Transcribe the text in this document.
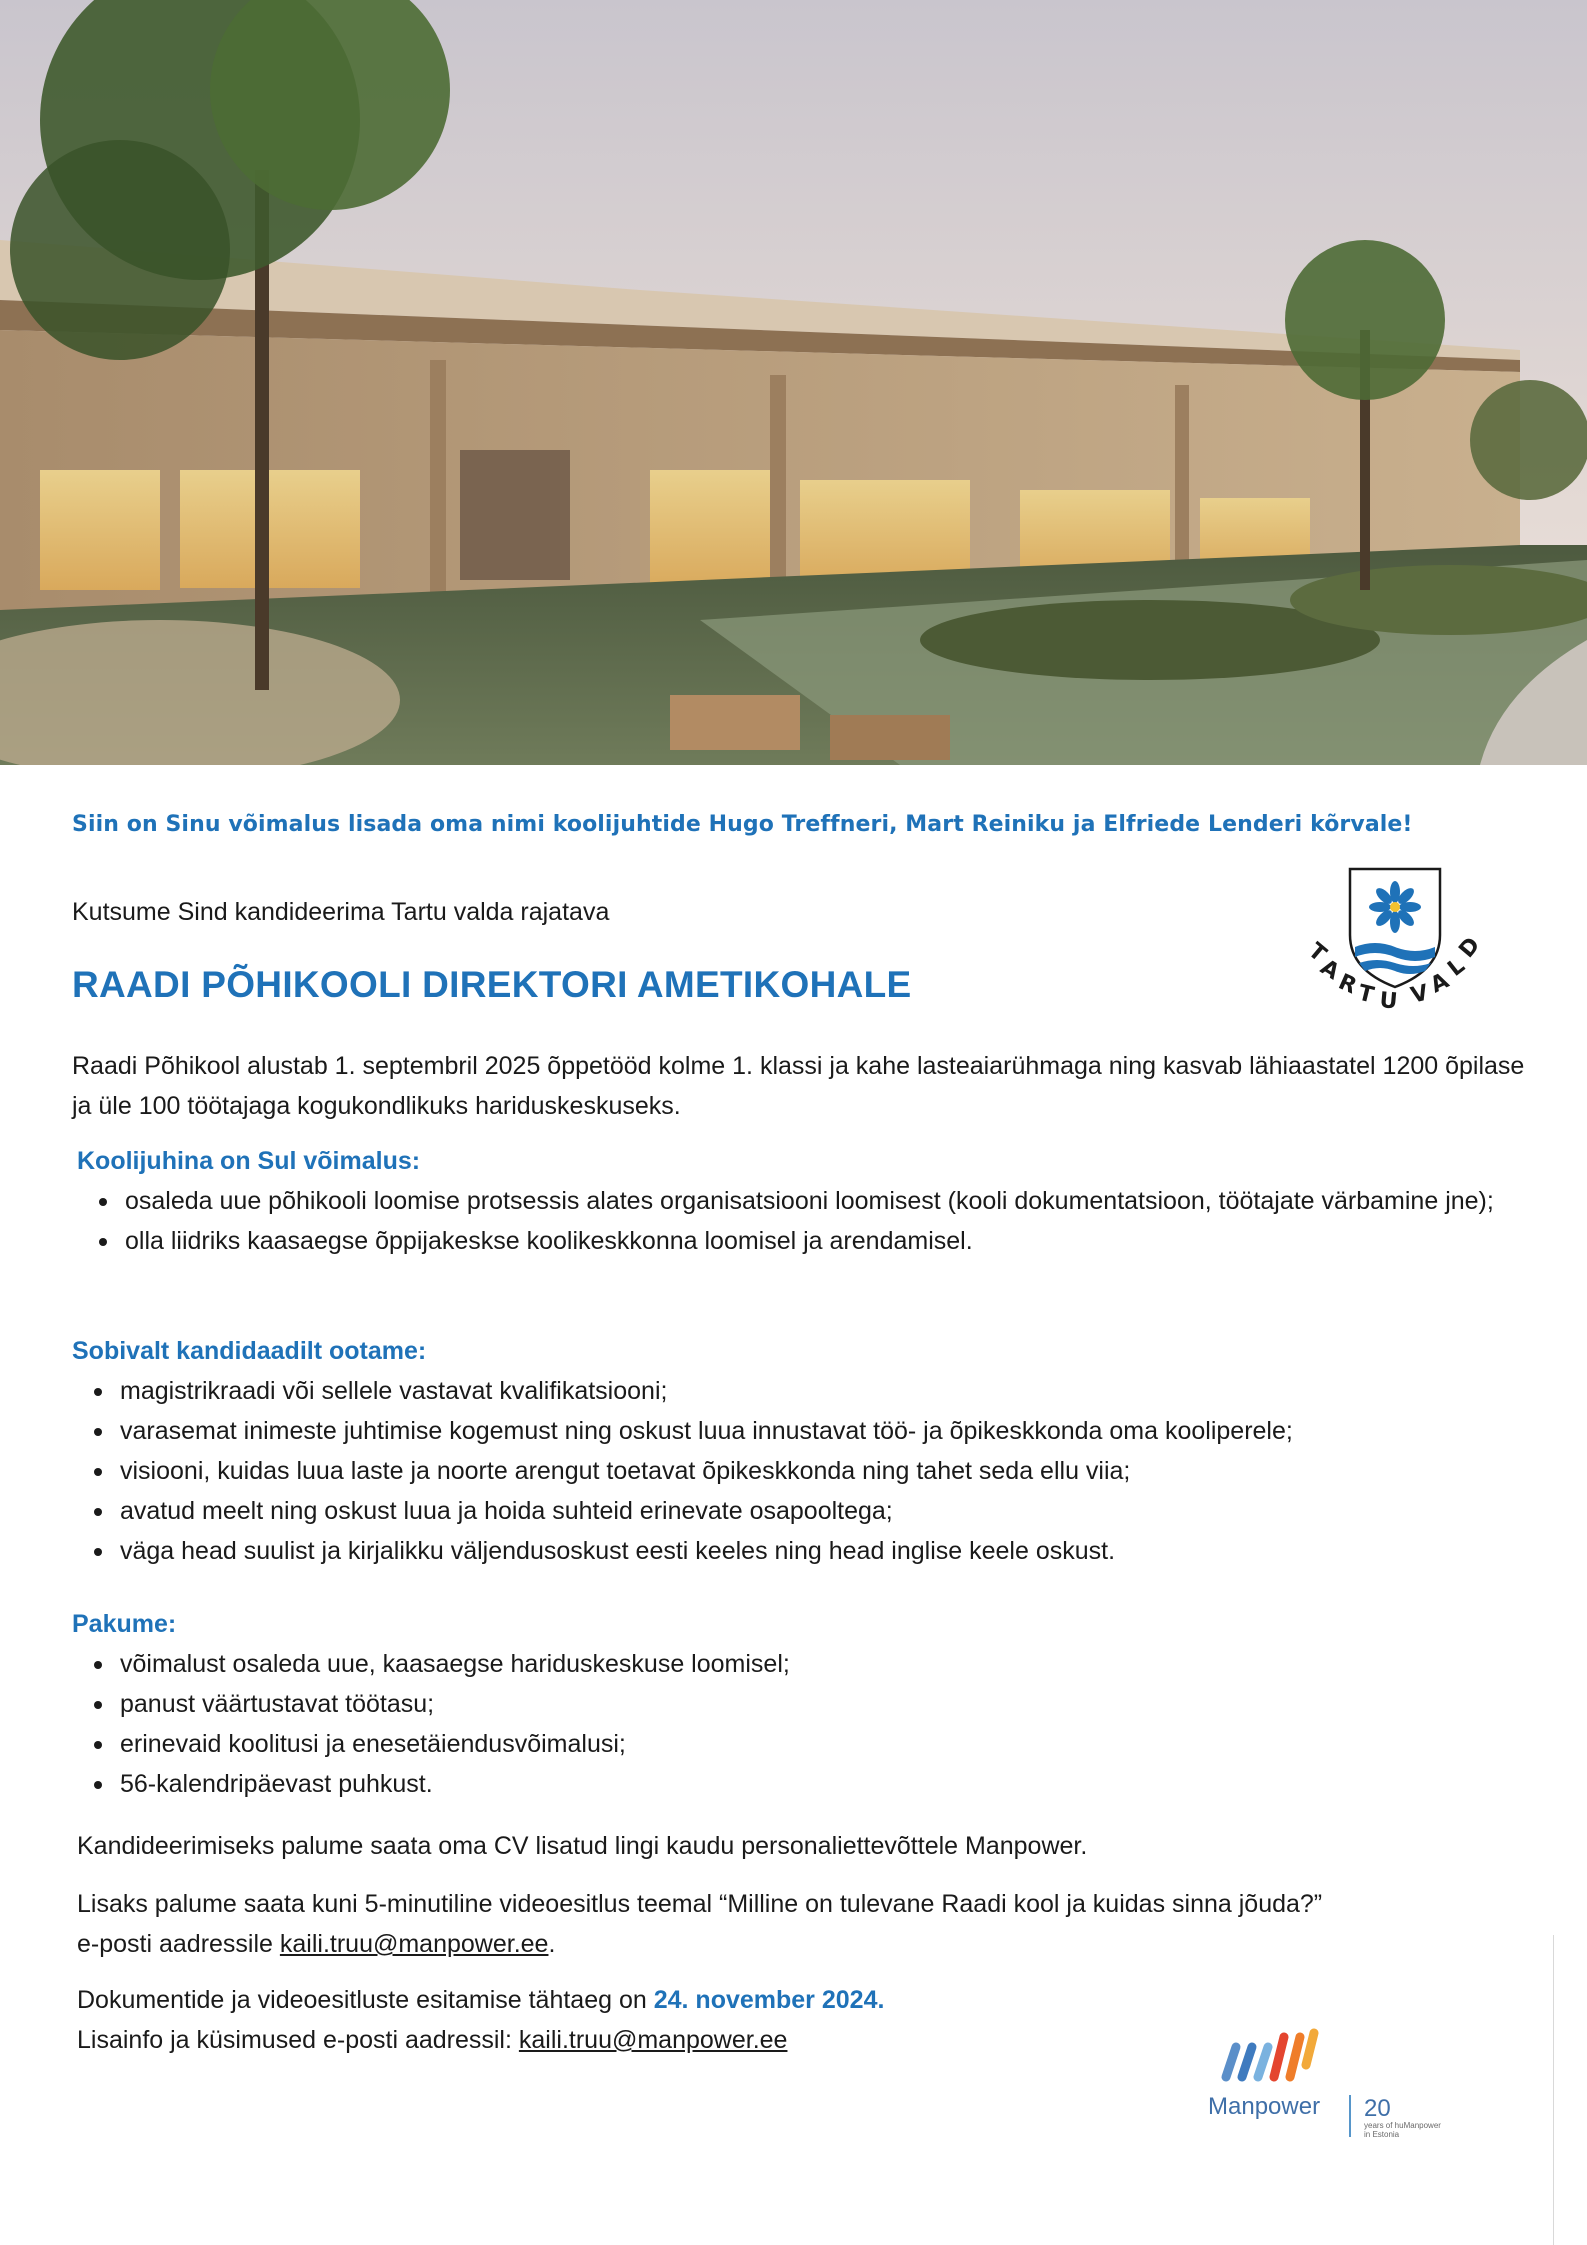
Siin on Sinu võimalus lisada oma nimi koolijuhtide Hugo Treffneri, Mart Reiniku ja Elfriede Lenderi kõrvale!
Kutsume Sind kandideerima Tartu valda rajatava
RAADI PÕHIKOOLI DIREKTORI AMETIKOHALE
T
A
R
T U V
A
L
D
Raadi Põhikool alustab 1. septembril 2025 õppetööd kolme 1. klassi ja kahe lasteaiarühmaga ning kasvab lähiaastatel 1200 õpilase ja üle 100 töötajaga kogukondlikuks hariduskeskuseks.
Koolijuhina on Sul võimalus:
osaleda uue põhikooli loomise protsessis alates organisatsiooni loomisest (kooli dokumentatsioon, töötajate värbamine jne);
olla liidriks kaasaegse õppijakeskse koolikeskkonna loomisel ja arendamisel.
Sobivalt kandidaadilt ootame:
magistrikraadi või sellele vastavat kvalifikatsiooni;
varasemat inimeste juhtimise kogemust ning oskust luua innustavat töö- ja õpikeskkonda oma kooliperele;
visiooni, kuidas luua laste ja noorte arengut toetavat õpikeskkonda ning tahet seda ellu viia;
avatud meelt ning oskust luua ja hoida suhteid erinevate osapooltega;
väga head suulist ja kirjalikku väljendusoskust eesti keeles ning head inglise keele oskust.
Pakume:
võimalust osaleda uue, kaasaegse hariduskeskuse loomisel;
panust väärtustavat töötasu;
erinevaid koolitusi ja enesetäiendusvõimalusi;
56-kalendripäevast puhkust.

Kandideerimiseks palume saata oma CV lisatud lingi kaudu personaliettevõttele Manpower.

Lisaks palume saata kuni 5-minutiline videoesitlus teemal “Milline on tulevane Raadi kool ja kuidas sinna jõuda?”

e-posti aadressile kaili.truu@manpower.ee.

Dokumentide ja videoesitluste esitamise tähtaeg on 24. november 2024.

Lisainfo ja küsimused e-posti aadressil: kaili.truu@manpower.ee

Manpower 20
years of huManpower
in Estonia
